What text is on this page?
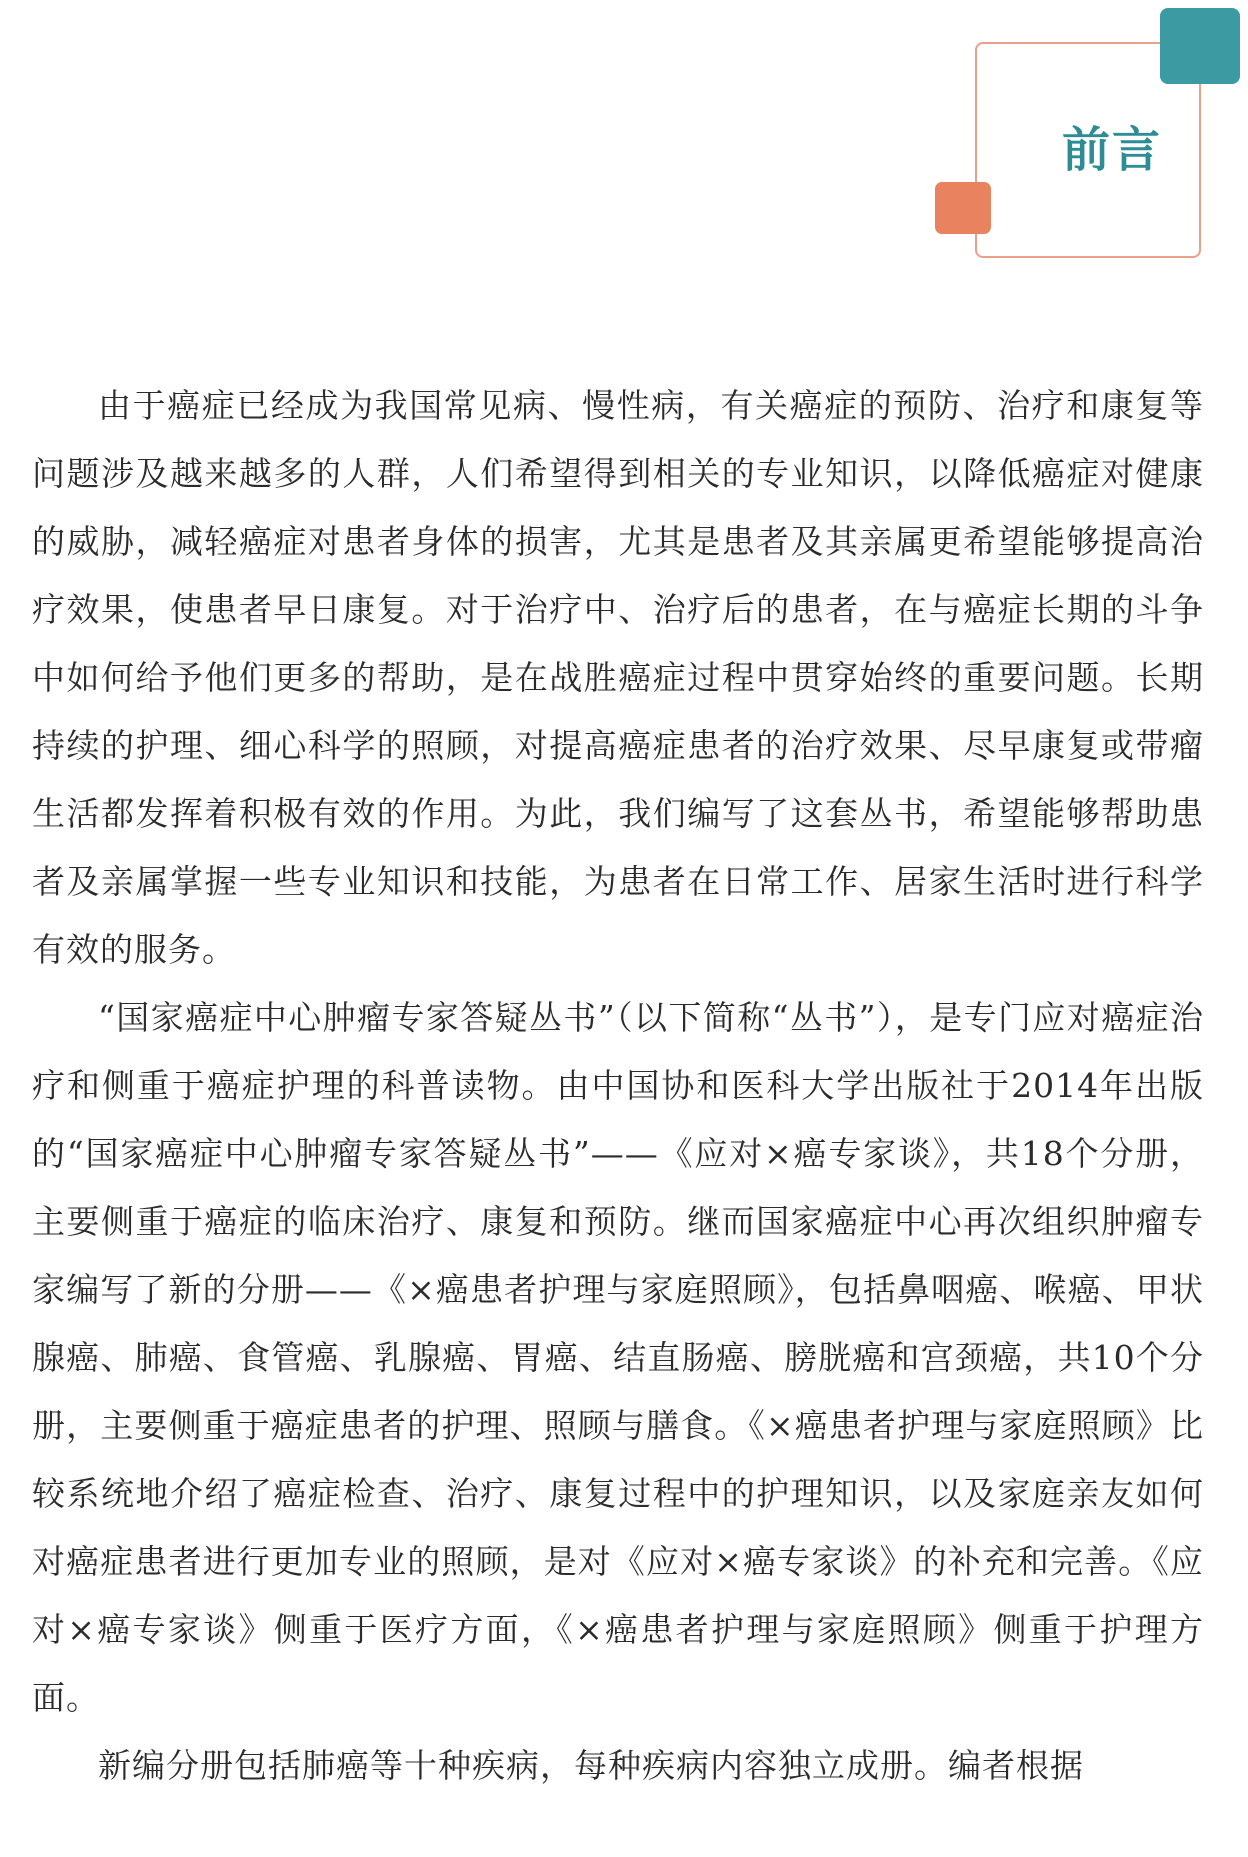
前言

由于癌症已经成为我国常见病、慢性病，有关癌症的预防、治疗和康复等问题涉及越来越多的人群，人们希望得到相关的专业知识，以降低癌症对健康的威胁，减轻癌症对患者身体的损害，尤其是患者及其亲属更希望能够提高治疗效果，使患者早日康复。对于治疗中、治疗后的患者，在与癌症长期的斗争中如何给予他们更多的帮助，是在战胜癌症过程中贯穿始终的重要问题。长期持续的护理、细心科学的照顾，对提高癌症患者的治疗效果、尽早康复或带瘤生活都发挥着积极有效的作用。为此，我们编写了这套丛书，希望能够帮助患者及亲属掌握一些专业知识和技能，为患者在日常工作、居家生活时进行科学有效的服务。

“国家癌症中心肿瘤专家答疑丛书”（以下简称“丛书”），是专门应对癌症治疗和侧重于癌症护理的科普读物。由中国协和医科大学出版社于2014年出版的“国家癌症中心肿瘤专家答疑丛书”——《应对×癌专家谈》，共18个分册，主要侧重于癌症的临床治疗、康复和预防。继而国家癌症中心再次组织肿瘤专家编写了新的分册——《×癌患者护理与家庭照顾》，包括鼻咽癌、喉癌、甲状腺癌、肺癌、食管癌、乳腺癌、胃癌、结直肠癌、膀胱癌和宫颈癌，共10个分册，主要侧重于癌症患者的护理、照顾与膳食。《×癌患者护理与家庭照顾》比较系统地介绍了癌症检查、治疗、康复过程中的护理知识，以及家庭亲友如何对癌症患者进行更加专业的照顾，是对《应对×癌专家谈》的补充和完善。《应对×癌专家谈》侧重于医疗方面，《×癌患者护理与家庭照顾》侧重于护理方面。

新编分册包括肺癌等十种疾病，每种疾病内容独立成册。编者根据
